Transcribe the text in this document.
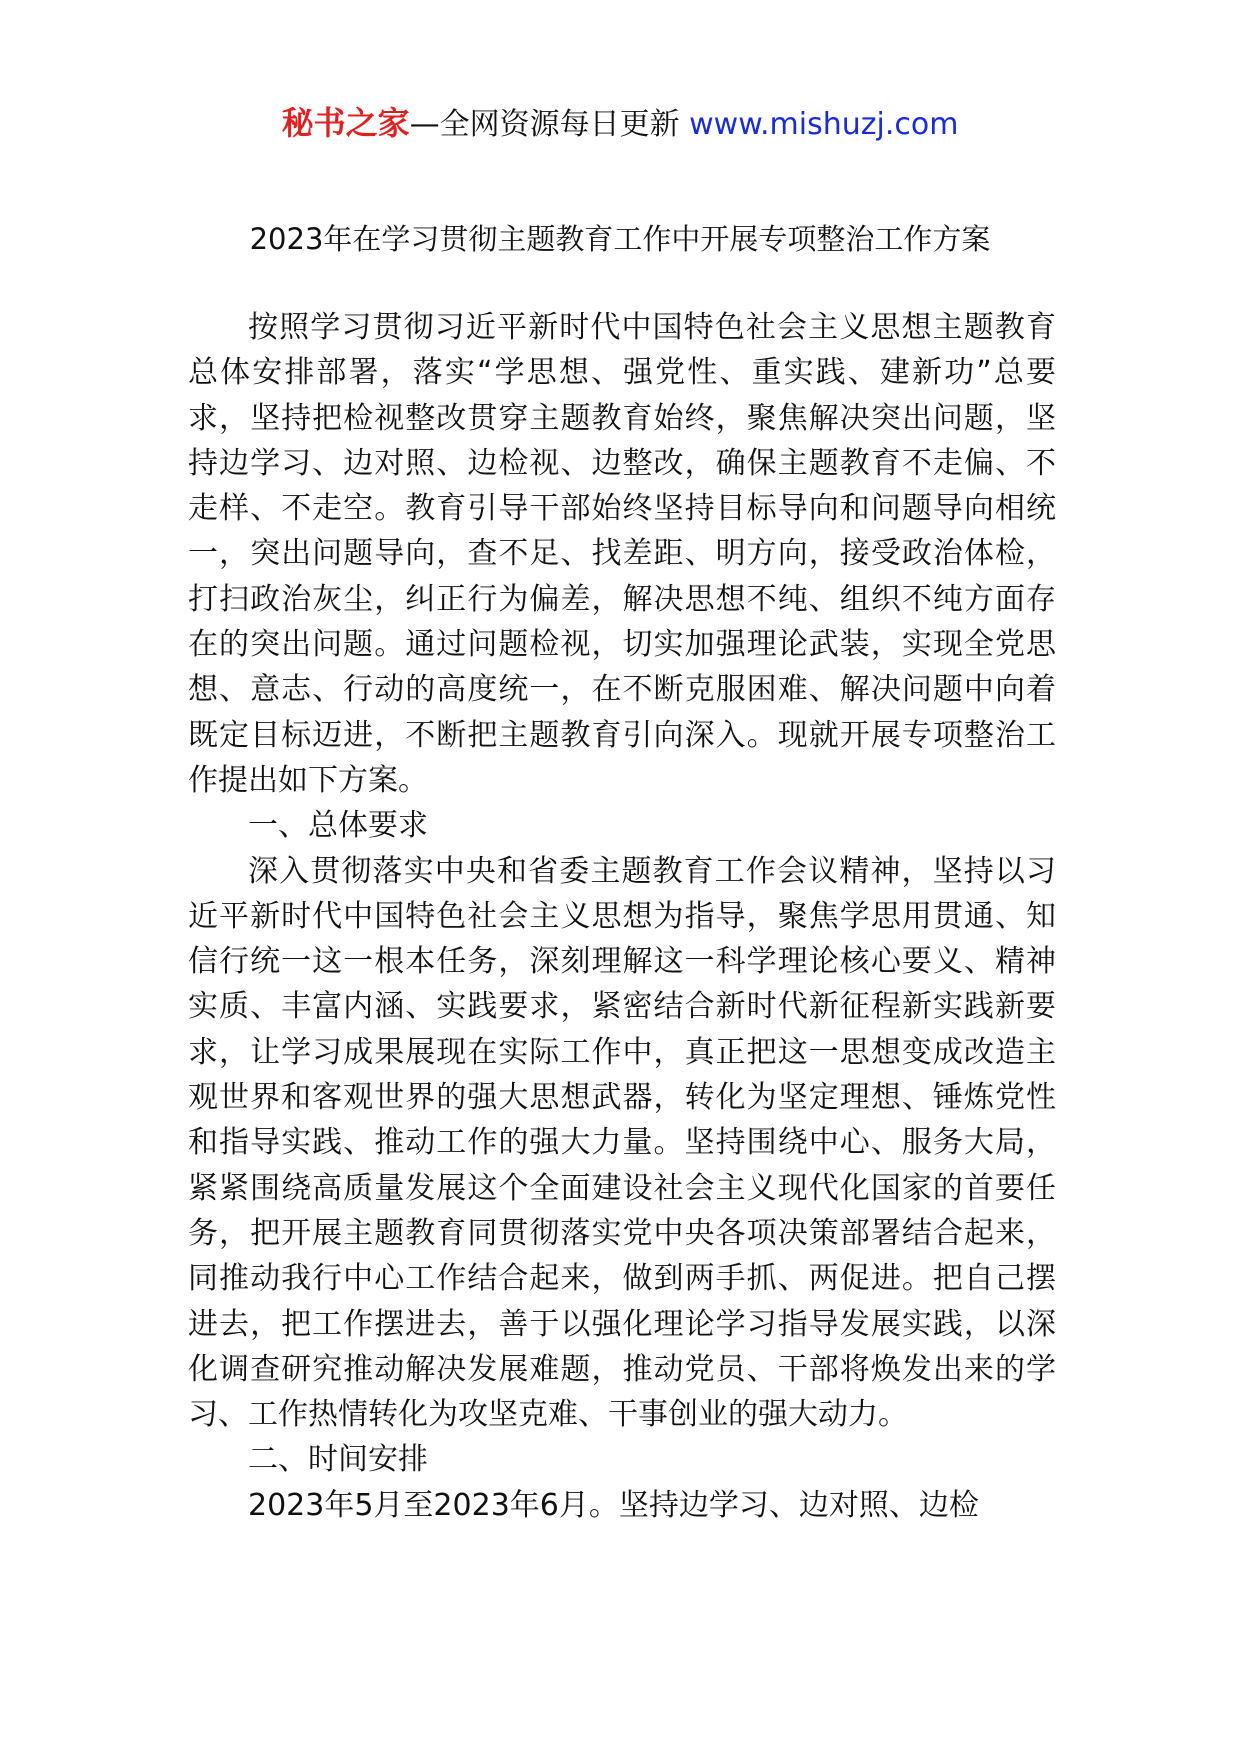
秘书之家—全网资源每日更新 www.mishuzj.com
2023年在学习贯彻主题教育工作中开展专项整治工作方案

按照学习贯彻习近平新时代中国特色社会主义思想主题教育总体安排部署，落实“学思想、强党性、重实践、建新功”总要求，坚持把检视整改贯穿主题教育始终，聚焦解决突出问题，坚持边学习、边对照、边检视、边整改，确保主题教育不走偏、不走样、不走空。教育引导干部始终坚持目标导向和问题导向相统一，突出问题导向，查不足、找差距、明方向，接受政治体检，打扫政治灰尘，纠正行为偏差，解决思想不纯、组织不纯方面存在的突出问题。通过问题检视，切实加强理论武装，实现全党思想、意志、行动的高度统一，在不断克服困难、解决问题中向着既定目标迈进，不断把主题教育引向深入。现就开展专项整治工作提出如下方案。

一、总体要求

深入贯彻落实中央和省委主题教育工作会议精神，坚持以习近平新时代中国特色社会主义思想为指导，聚焦学思用贯通、知信行统一这一根本任务，深刻理解这一科学理论核心要义、精神实质、丰富内涵、实践要求，紧密结合新时代新征程新实践新要求，让学习成果展现在实际工作中，真正把这一思想变成改造主观世界和客观世界的强大思想武器，转化为坚定理想、锤炼党性和指导实践、推动工作的强大力量。坚持围绕中心、服务大局，紧紧围绕高质量发展这个全面建设社会主义现代化国家的首要任务，把开展主题教育同贯彻落实党中央各项决策部署结合起来，同推动我行中心工作结合起来，做到两手抓、两促进。把自己摆进去，把工作摆进去，善于以强化理论学习指导发展实践，以深化调查研究推动解决发展难题，推动党员、干部将焕发出来的学习、工作热情转化为攻坚克难、干事创业的强大动力。

二、时间安排

2023年5月至2023年6月。坚持边学习、边对照、边检
